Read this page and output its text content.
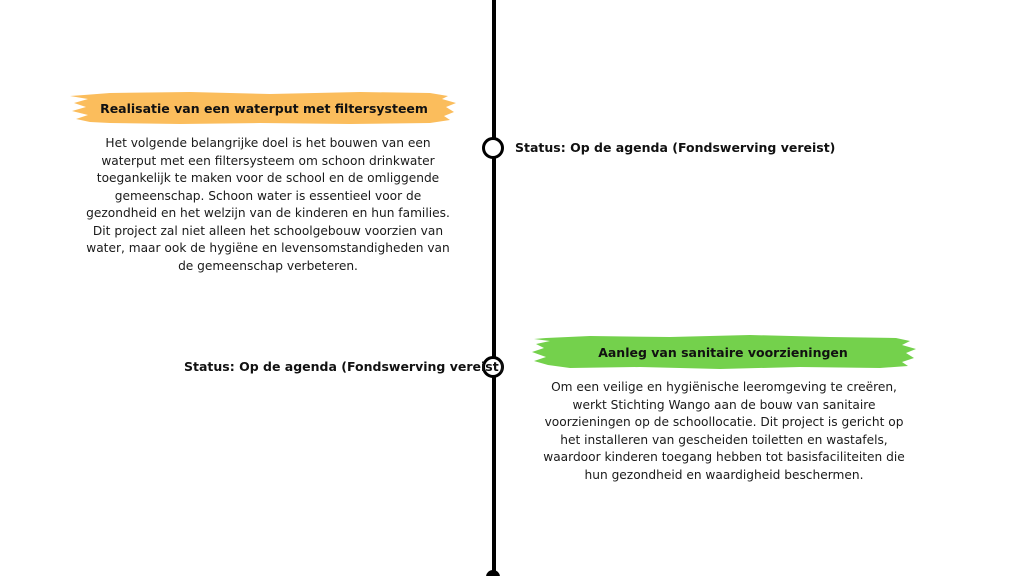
Realisatie van een waterput met filtersysteem
Het volgende belangrijke doel is het bouwen van een waterput met een filtersysteem om schoon drinkwater toegankelijk te maken voor de school en de omliggende gemeenschap. Schoon water is essentieel voor de gezondheid en het welzijn van de kinderen en hun families. Dit project zal niet alleen het schoolgebouw voorzien van water, maar ook de hygiëne en levensomstandigheden van de gemeenschap verbeteren.
Status: Op de agenda (Fondswerving vereist)
Aanleg van sanitaire voorzieningen
Om een veilige en hygiënische leeromgeving te creëren, werkt Stichting Wango aan de bouw van sanitaire voorzieningen op de schoollocatie. Dit project is gericht op het installeren van gescheiden toiletten en wastafels, waardoor kinderen toegang hebben tot basisfaciliteiten die hun gezondheid en waardigheid beschermen.
Status: Op de agenda (Fondswerving vereist)
